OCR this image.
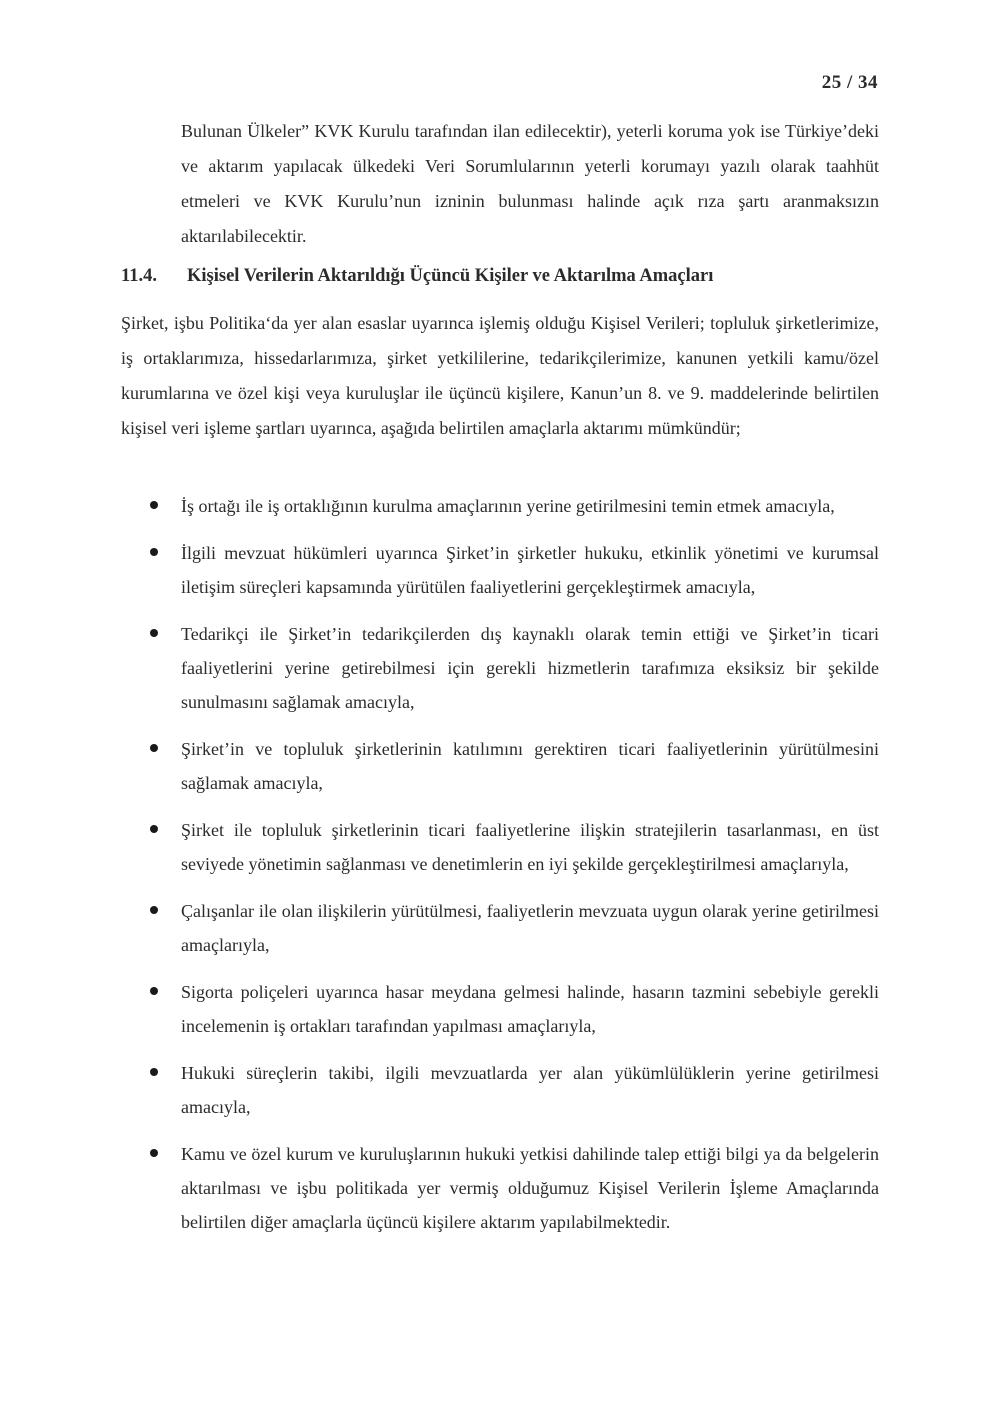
25 / 34

Bulunan Ülkeler” KVK Kurulu tarafından ilan edilecektir), yeterli koruma yok ise Türkiye’deki ve aktarım yapılacak ülkedeki Veri Sorumlularının yeterli korumayı yazılı olarak taahhüt etmeleri ve KVK Kurulu’nun izninin bulunması halinde açık rıza şartı aranmaksızın aktarılabilecektir.

11.4. Kişisel Verilerin Aktarıldığı Üçüncü Kişiler ve Aktarılma Amaçları

Şirket, işbu Politika‘da yer alan esaslar uyarınca işlemiş olduğu Kişisel Verileri; topluluk şirketlerimize, iş ortaklarımıza, hissedarlarımıza, şirket yetkililerine, tedarikçilerimize, kanunen yetkili kamu/özel kurumlarına ve özel kişi veya kuruluşlar ile üçüncü kişilere, Kanun’un 8. ve 9. maddelerinde belirtilen kişisel veri işleme şartları uyarınca, aşağıda belirtilen amaçlarla aktarımı mümkündür;

İş ortağı ile iş ortaklığının kurulma amaçlarının yerine getirilmesini temin etmek amacıyla,
İlgili mevzuat hükümleri uyarınca Şirket’in şirketler hukuku, etkinlik yönetimi ve kurumsal iletişim süreçleri kapsamında yürütülen faaliyetlerini gerçekleştirmek amacıyla,
Tedarikçi ile Şirket’in tedarikçilerden dış kaynaklı olarak temin ettiği ve Şirket’in ticari faaliyetlerini yerine getirebilmesi için gerekli hizmetlerin tarafımıza eksiksiz bir şekilde sunulmasını sağlamak amacıyla,
Şirket’in ve topluluk şirketlerinin katılımını gerektiren ticari faaliyetlerinin yürütülmesini sağlamak amacıyla,
Şirket ile topluluk şirketlerinin ticari faaliyetlerine ilişkin stratejilerin tasarlanması, en üst seviyede yönetimin sağlanması ve denetimlerin en iyi şekilde gerçekleştirilmesi amaçlarıyla,
Çalışanlar ile olan ilişkilerin yürütülmesi, faaliyetlerin mevzuata uygun olarak yerine getirilmesi amaçlarıyla,
Sigorta poliçeleri uyarınca hasar meydana gelmesi halinde, hasarın tazmini sebebiyle gerekli incelemenin iş ortakları tarafından yapılması amaçlarıyla,
Hukuki süreçlerin takibi, ilgili mevzuatlarda yer alan yükümlülüklerin yerine getirilmesi amacıyla,
Kamu ve özel kurum ve kuruluşlarının hukuki yetkisi dahilinde talep ettiği bilgi ya da belgelerin aktarılması ve işbu politikada yer vermiş olduğumuz Kişisel Verilerin İşleme Amaçlarında belirtilen diğer amaçlarla üçüncü kişilere aktarım yapılabilmektedir.
